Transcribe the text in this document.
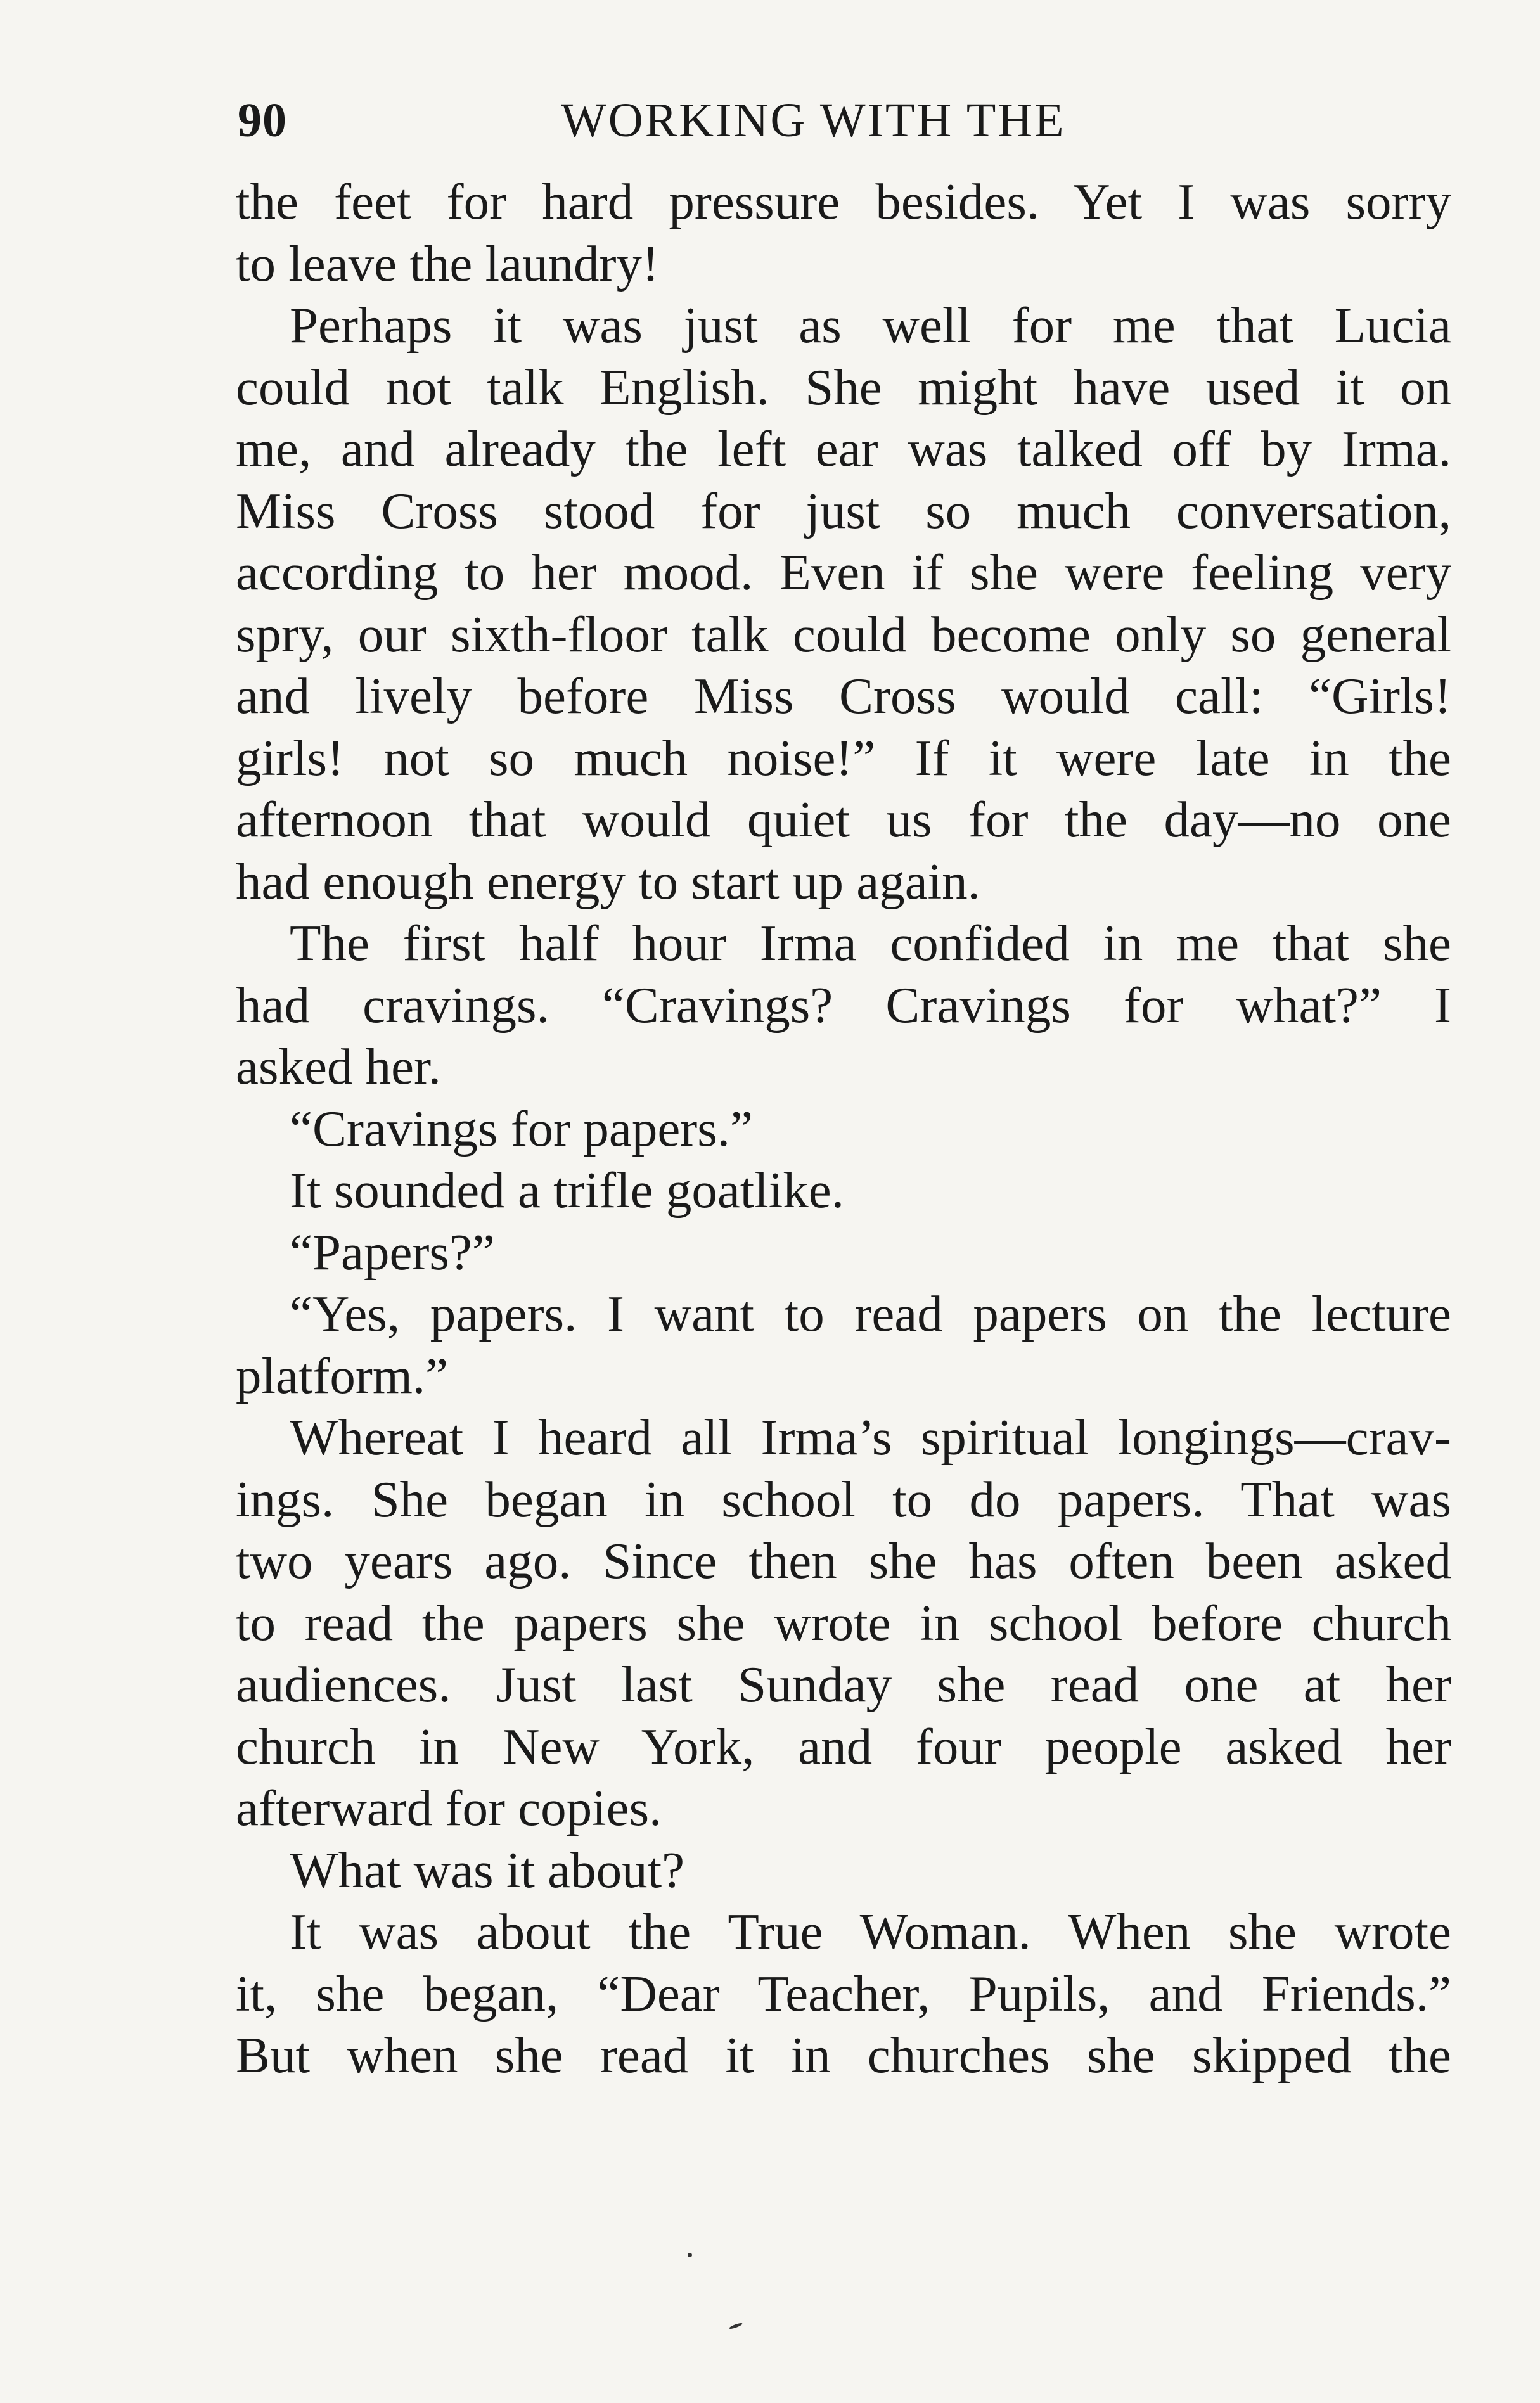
90	WORKING WITH THE
the feet for hard pressure besides. Yet I was sorry
to leave the laundry!
Perhaps it was just as well for me that Lucia
could not talk English. She might have used it on
me, and already the left ear was talked off by Irma.
Miss Cross stood for just so much conversation,
according to her mood. Even if she were feeling very
spry, our sixth-floor talk could become only so general
and lively before Miss Cross would call: “Girls!
girls! not so much noise!” If it were late in the
afternoon that would quiet us for the day—no one
had enough energy to start up again.
The first half hour Irma confided in me that she
had cravings. “Cravings? Cravings for what?” I
asked her.
“Cravings for papers.”
It sounded a trifle goatlike.
“Papers?”
“Yes, papers. I want to read papers on the lecture
platform.”
Whereat I heard all Irma’s spiritual longings—crav-
ings. She began in school to do papers. That was
two years ago. Since then she has often been asked
to read the papers she wrote in school before church
audiences. Just last Sunday she read one at her
church in New York, and four people asked her
afterward for copies.
What was it about?
It was about the True Woman. When she wrote
it, she began, “Dear Teacher, Pupils, and Friends.”
But when she read it in churches she skipped the
